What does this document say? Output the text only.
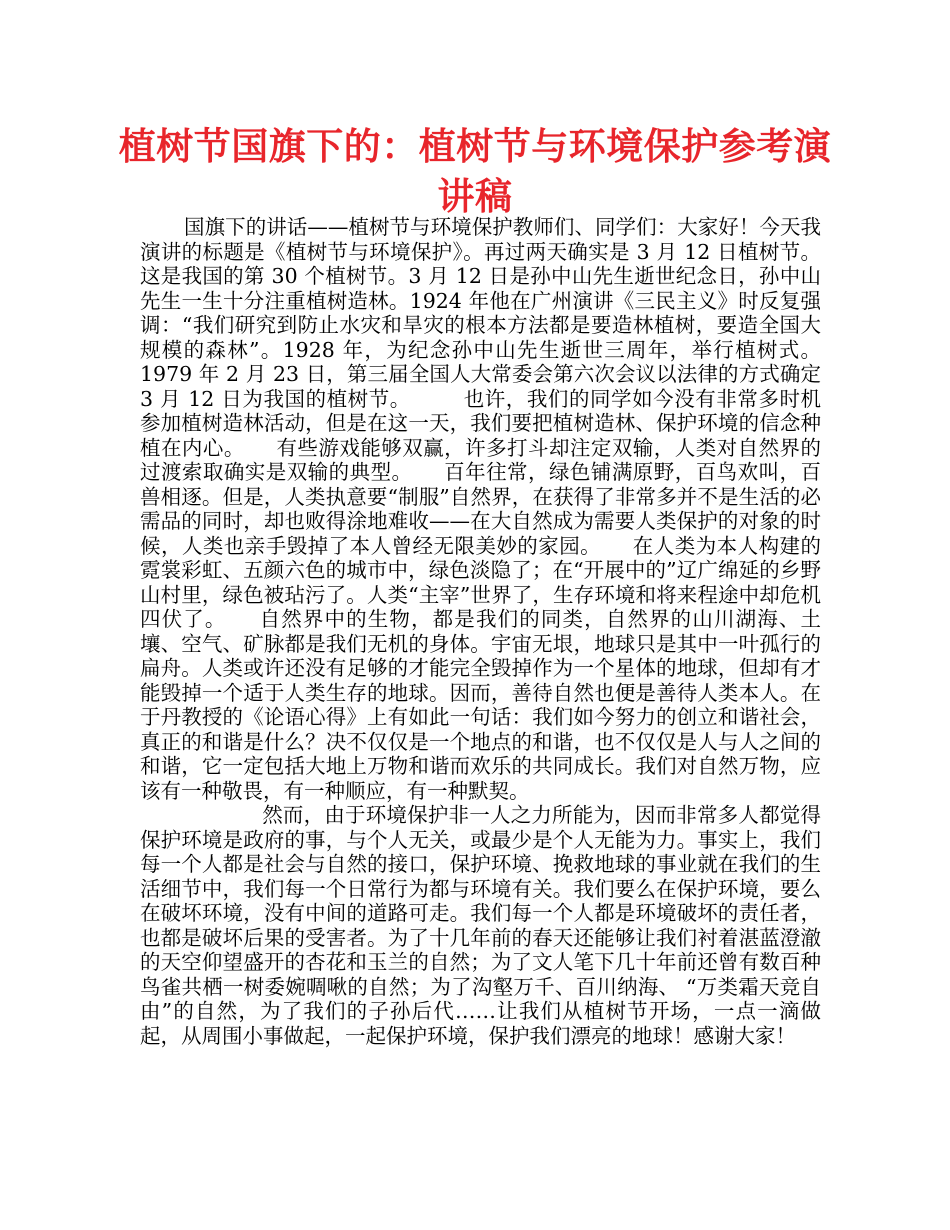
植树节国旗下的：植树节与环境保护参考演讲稿

国旗下的讲话——植树节与环境保护教师们、同学们：大家好！今天我演讲的标题是《植树节与环境保护》。再过两天确实是 3 月 12 日植树节。这是我国的第 30 个植树节。3 月 12 日是孙中山先生逝世纪念日，孙中山先生一生十分注重植树造林。1924 年他在广州演讲《三民主义》时反复强调：“我们研究到防止水灾和旱灾的根本方法都是要造林植树，要造全国大规模的森林”。1928 年，为纪念孙中山先生逝世三周年，举行植树式。1979 年 2 月 23 日，第三届全国人大常委会第六次会议以法律的方式确定 3 月 12 日为我国的植树节。　　　也许，我们的同学如今没有非常多时机参加植树造林活动，但是在这一天，我们要把植树造林、保护环境的信念种植在内心。　　有些游戏能够双赢，许多打斗却注定双输，人类对自然界的过渡索取确实是双输的典型。　　百年往常，绿色铺满原野，百鸟欢叫，百兽相逐。但是，人类执意要“制服”自然界，在获得了非常多并不是生活的必需品的同时，却也败得涂地难收——在大自然成为需要人类保护的对象的时候，人类也亲手毁掉了本人曾经无限美妙的家园。　　在人类为本人构建的霓裳彩虹、五颜六色的城市中，绿色淡隐了；在“开展中的”辽广绵延的乡野山村里，绿色被玷污了。人类“主宰”世界了，生存环境和将来程途中却危机四伏了。　　自然界中的生物，都是我们的同类，自然界的山川湖海、土壤、空气、矿脉都是我们无机的身体。宇宙无垠，地球只是其中一叶孤行的扁舟。人类或许还没有足够的才能完全毁掉作为一个星体的地球，但却有才能毁掉一个适于人类生存的地球。因而，善待自然也便是善待人类本人。在于丹教授的《论语心得》上有如此一句话：我们如今努力的创立和谐社会，真正的和谐是什么？决不仅仅是一个地点的和谐，也不仅仅是人与人之间的和谐，它一定包括大地上万物和谐而欢乐的共同成长。我们对自然万物，应该有一种敬畏，有一种顺应，有一种默契。

然而，由于环境保护非一人之力所能为，因而非常多人都觉得保护环境是政府的事，与个人无关，或最少是个人无能为力。事实上，我们每一个人都是社会与自然的接口，保护环境、挽救地球的事业就在我们的生活细节中，我们每一个日常行为都与环境有关。我们要么在保护环境，要么在破坏环境，没有中间的道路可走。我们每一个人都是环境破坏的责任者，也都是破坏后果的受害者。为了十几年前的春天还能够让我们衬着湛蓝澄澈的天空仰望盛开的杏花和玉兰的自然；为了文人笔下几十年前还曾有数百种鸟雀共栖一树委婉啁啾的自然；为了沟壑万千、百川纳海、 “万类霜天竞自由”的自然，为了我们的子孙后代……让我们从植树节开场，一点一滴做起，从周围小事做起，一起保护环境，保护我们漂亮的地球！感谢大家！
